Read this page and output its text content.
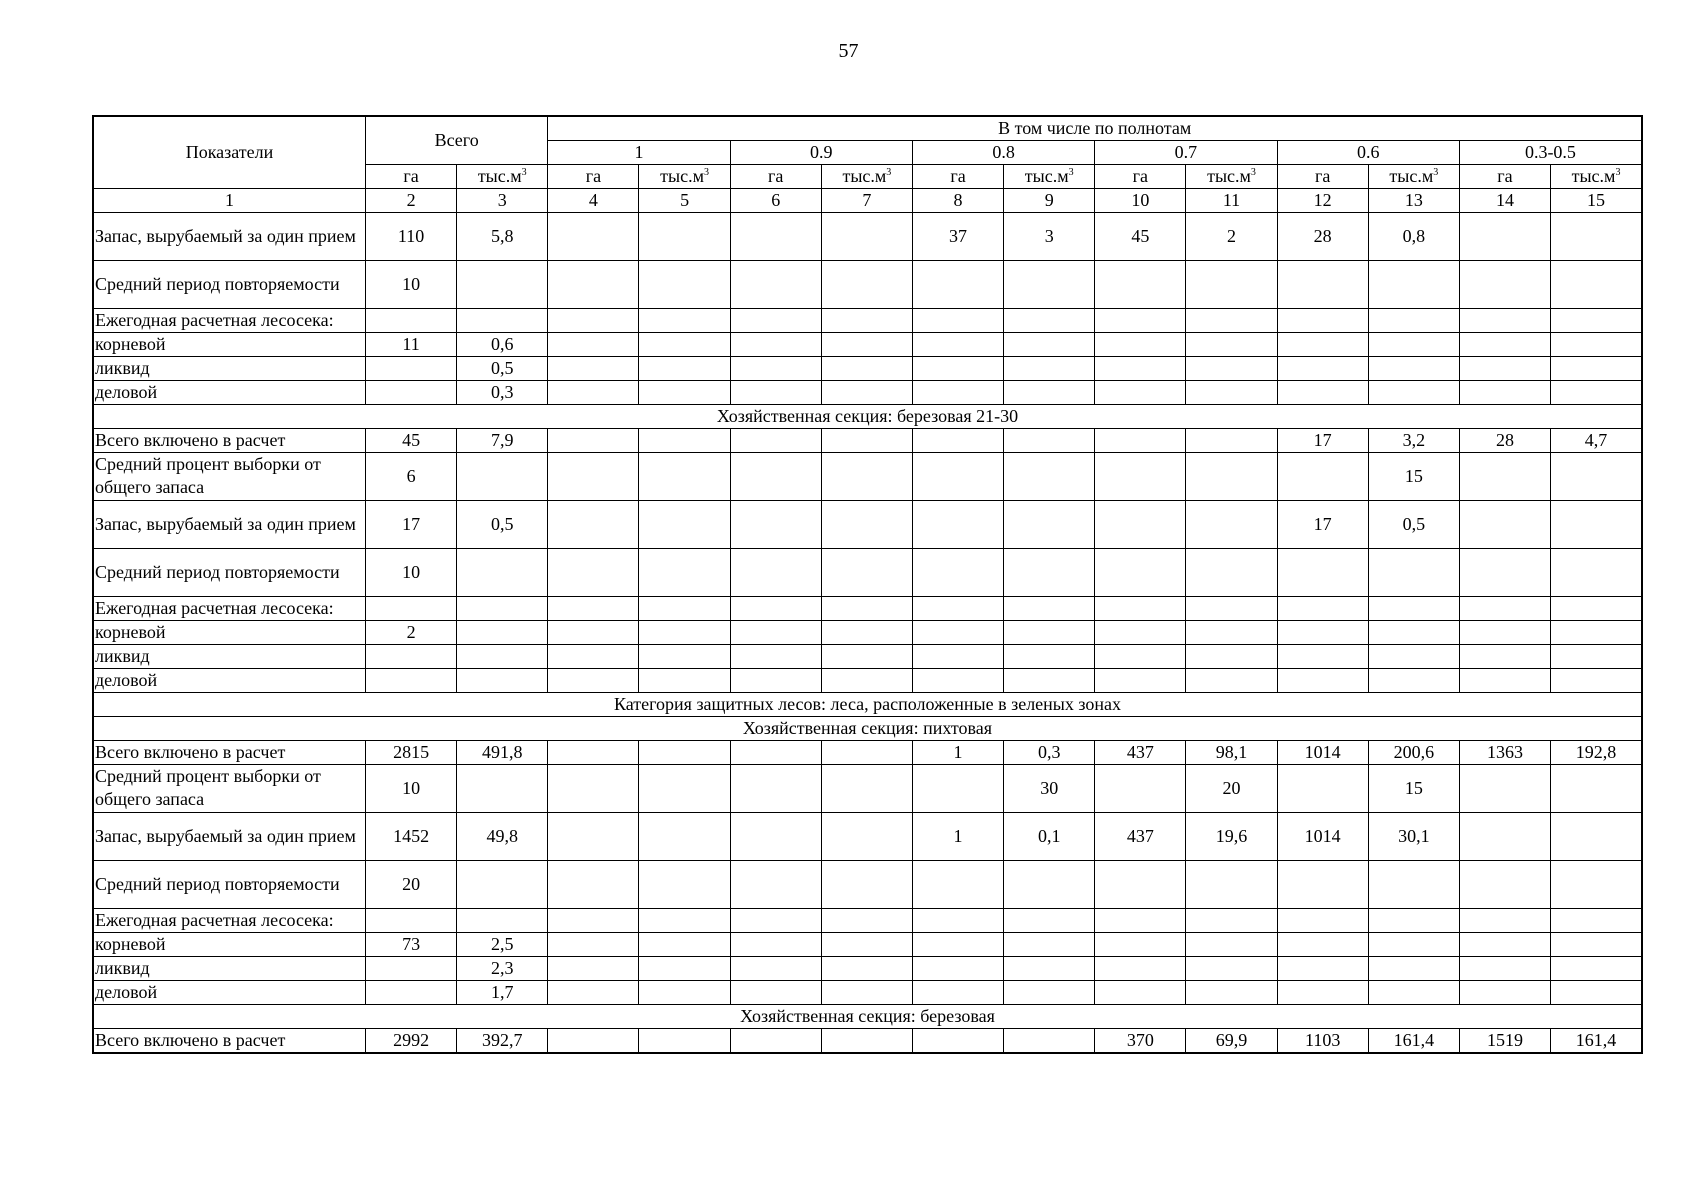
57
Показатели	Всего		В том числе по полнотам											
			1		0.9		0.8		0.7		0.6		0.3-0.5	
	га	$тыс.м^3$	га	$тыс.м^3$	га	$тыс.м^3$	га	$тыс.м^3$	га	$тыс.м^3$	га	$тыс.м^3$	га	$тыс.м^3$
1	2	3	4	5	6	7	8	9	10	11	12	13	14	15
Запас, вырубаемый за один прием	110	5,8					37	3	45	2	28	0,8		
Средний период повторяемости	10													
Ежегодная расчетная лесосека:														
корневой	11	0,6												
ликвид		0,5												
деловой		0,3												
Хозяйственная секция: березовая 21-30														
Всего включено в расчет	45	7,9									17	3,2	28	4,7
Средний процент выборки от общего запаса	6											15		
Запас, вырубаемый за один прием	17	0,5									17	0,5		
Средний период повторяемости	10													
Ежегодная расчетная лесосека:														
корневой	2													
ликвид														
деловой														
Категория защитных лесов: леса, расположенные в зеленых зонах														
Хозяйственная секция: пихтовая														
Всего включено в расчет	2815	491,8					1	0,3	437	98,1	1014	200,6	1363	192,8
Средний процент выборки от общего запаса	10							30		20		15		
Запас, вырубаемый за один прием	1452	49,8					1	0,1	437	19,6	1014	30,1		
Средний период повторяемости	20													
Ежегодная расчетная лесосека:														
корневой	73	2,5												
ликвид		2,3												
деловой		1,7												
Хозяйственная секция: березовая														
Всего включено в расчет	2992	392,7							370	69,9	1103	161,4	1519	161,4
